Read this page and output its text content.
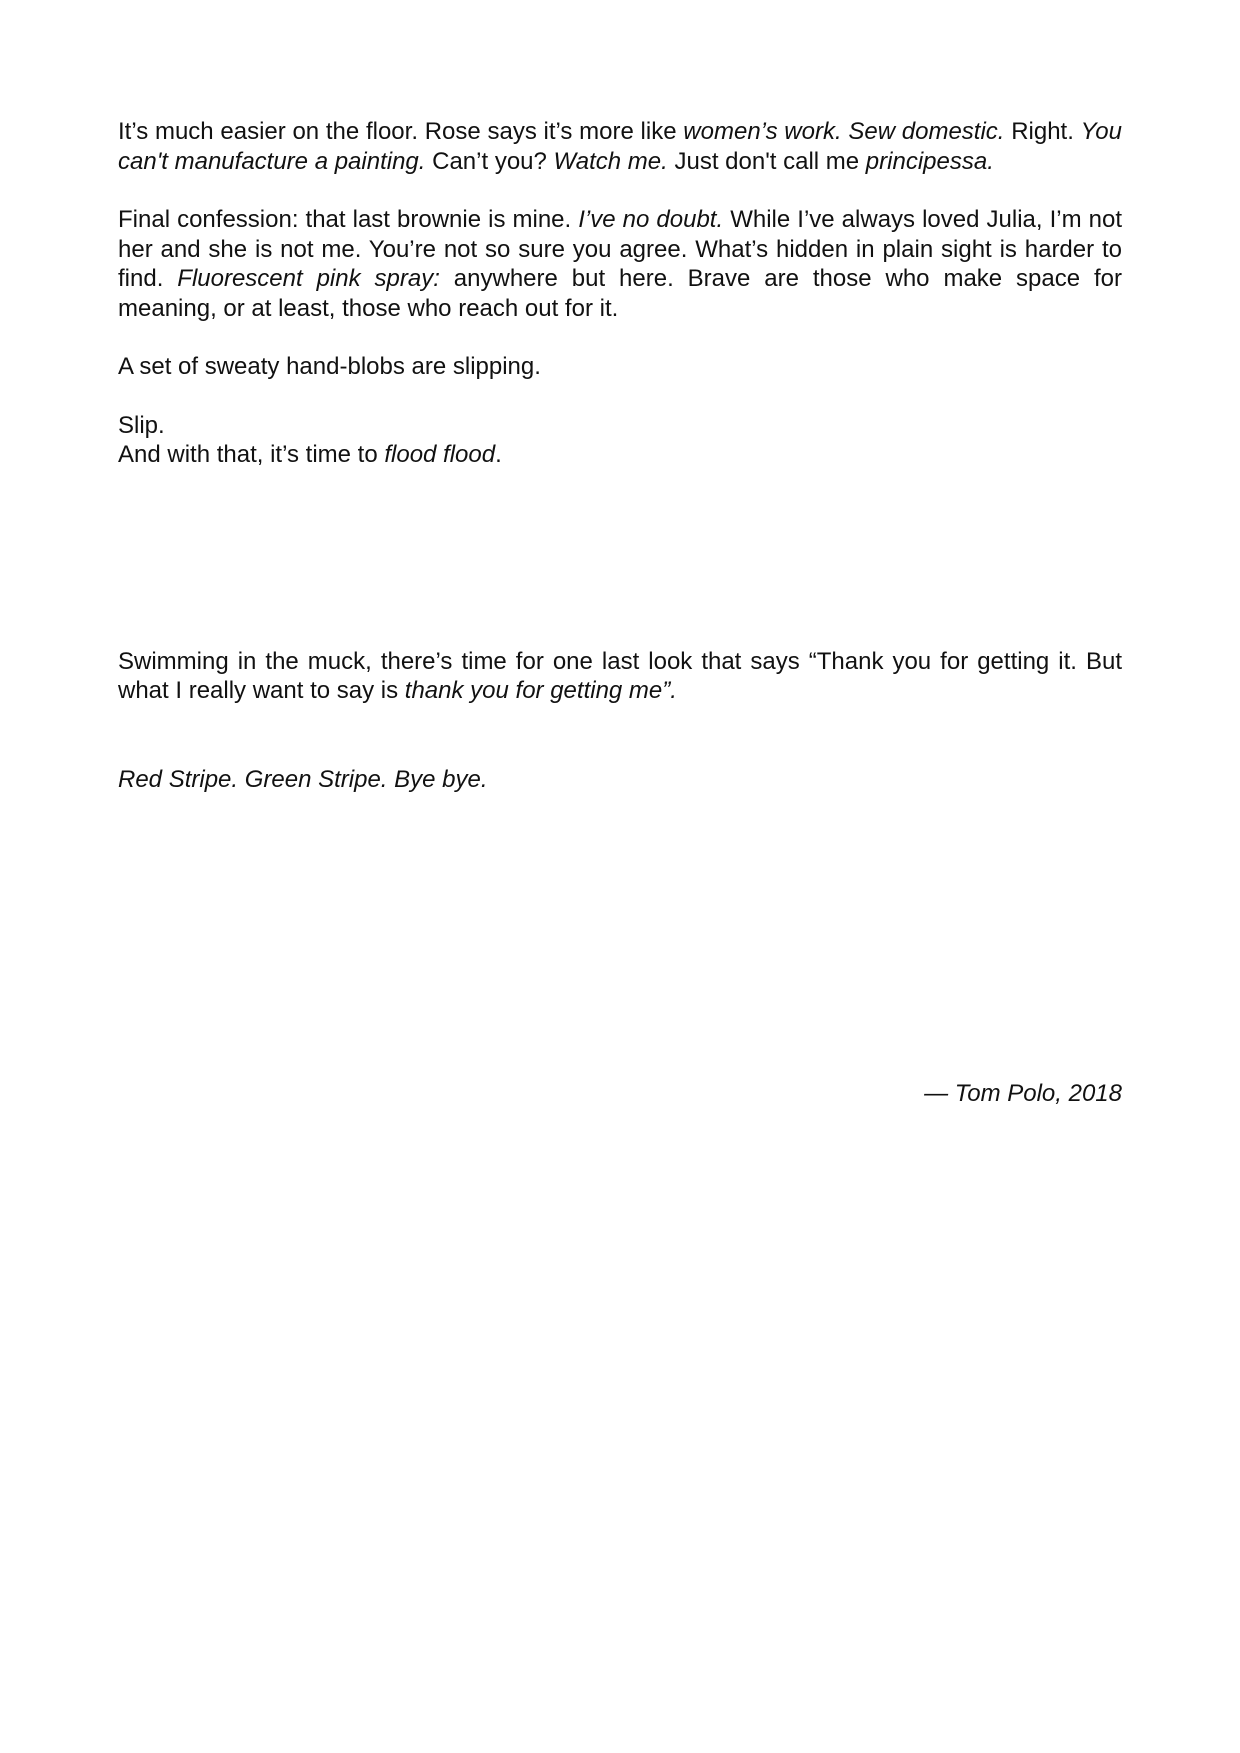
It’s much easier on the floor. Rose says it’s more like women’s work. Sew domestic. Right. You can't manufacture a painting. Can’t you? Watch me. Just don't call me principessa.

Final confession: that last brownie is mine. I’ve no doubt. While I’ve always loved Julia, I’m not her and she is not me. You’re not so sure you agree. What’s hidden in plain sight is harder to find. Fluorescent pink spray: anywhere but here. Brave are those who make space for meaning, or at least, those who reach out for it.

A set of sweaty hand-blobs are slipping.

Slip.

And with that, it’s time to flood flood.

Swimming in the muck, there’s time for one last look that says “Thank you for getting it. But what I really want to say is thank you for getting me”.

Red Stripe. Green Stripe. Bye bye.

— Tom Polo, 2018
